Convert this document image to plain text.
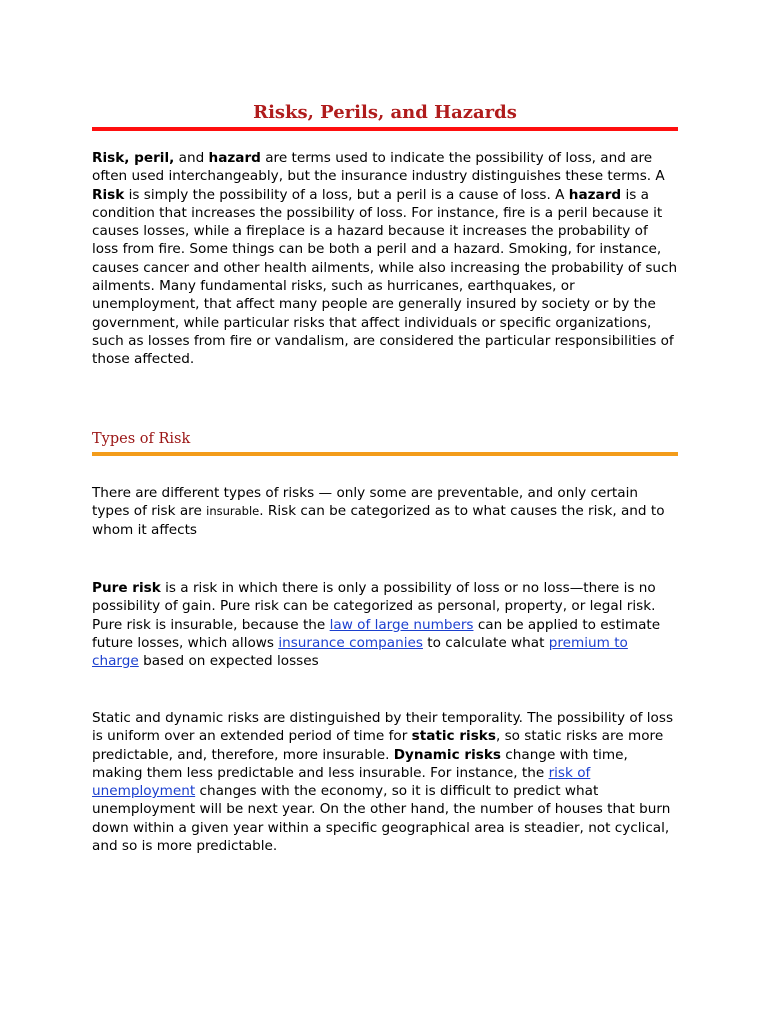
Risks, Perils, and Hazards

Risk, peril, and hazard are terms used to indicate the possibility of loss, and are often used interchangeably, but the insurance industry distinguishes these terms. A Risk is simply the possibility of a loss, but a peril is a cause of loss. A hazard is a condition that increases the possibility of loss. For instance, fire is a peril because it causes losses, while a fireplace is a hazard because it increases the probability of loss from fire. Some things can be both a peril and a hazard. Smoking, for instance, causes cancer and other health ailments, while also increasing the probability of such ailments. Many fundamental risks, such as hurricanes, earthquakes, or unemployment, that affect many people are generally insured by society or by the government, while particular risks that affect individuals or specific organizations, such as losses from fire or vandalism, are considered the particular responsibilities of those affected.

Types of Risk

There are different types of risks — only some are preventable, and only certain types of risk are insurable. Risk can be categorized as to what causes the risk, and to whom it affects

Pure risk is a risk in which there is only a possibility of loss or no loss—there is no possibility of gain. Pure risk can be categorized as personal, property, or legal risk. Pure risk is insurable, because the law of large numbers can be applied to estimate future losses, which allows insurance companies to calculate what premium to charge based on expected losses

Static and dynamic risks are distinguished by their temporality. The possibility of loss is uniform over an extended period of time for static risks, so static risks are more predictable, and, therefore, more insurable. Dynamic risks change with time, making them less predictable and less insurable. For instance, the risk of unemployment changes with the economy, so it is difficult to predict what unemployment will be next year. On the other hand, the number of houses that burn down within a given year within a specific geographical area is steadier, not cyclical, and so is more predictable.
